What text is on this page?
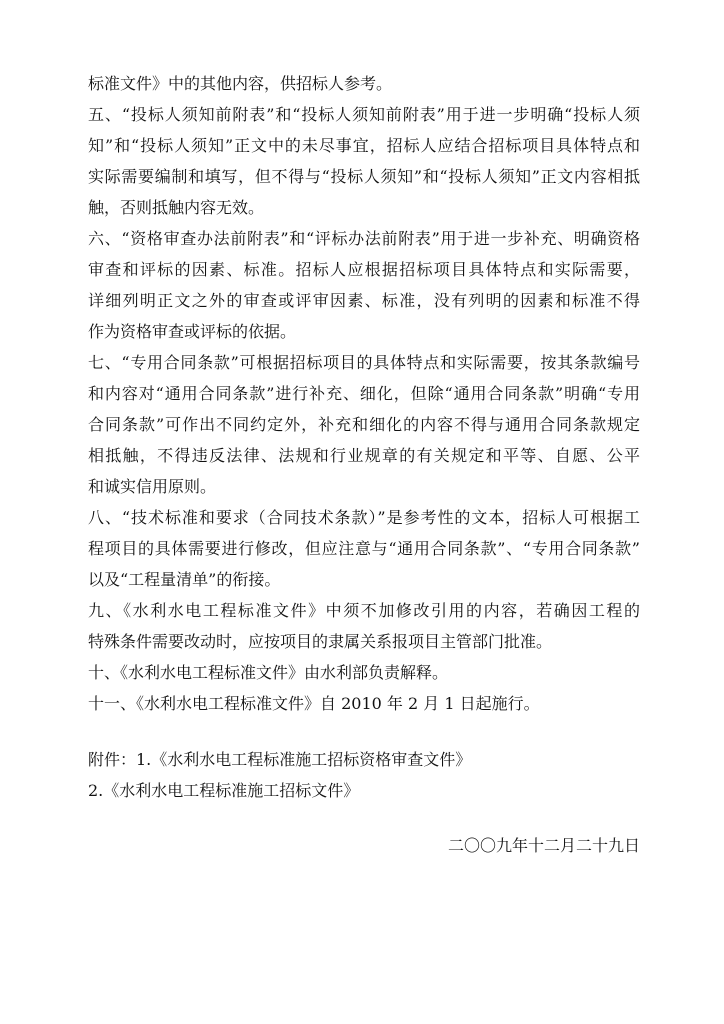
标准文件》中的其他内容，供招标人参考。
五、“投标人须知前附表”和“投标人须知前附表”用于进一步明确“投标人须
知”和“投标人须知”正文中的未尽事宜，招标人应结合招标项目具体特点和
实际需要编制和填写，但不得与“投标人须知”和“投标人须知”正文内容相抵
触，否则抵触内容无效。
六、“资格审查办法前附表”和“评标办法前附表”用于进一步补充、明确资格
审查和评标的因素、标准。招标人应根据招标项目具体特点和实际需要，
详细列明正文之外的审查或评审因素、标准，没有列明的因素和标准不得
作为资格审查或评标的依据。
七、“专用合同条款”可根据招标项目的具体特点和实际需要，按其条款编号
和内容对“通用合同条款”进行补充、细化，但除“通用合同条款”明确“专用
合同条款”可作出不同约定外，补充和细化的内容不得与通用合同条款规定
相抵触，不得违反法律、法规和行业规章的有关规定和平等、自愿、公平
和诚实信用原则。
八、“技术标准和要求（合同技术条款）”是参考性的文本，招标人可根据工
程项目的具体需要进行修改，但应注意与“通用合同条款”、“专用合同条款”
以及“工程量清单”的衔接。
九、《水利水电工程标准文件》中须不加修改引用的内容，若确因工程的
特殊条件需要改动时，应按项目的隶属关系报项目主管部门批准。
十、《水利水电工程标准文件》由水利部负责解释。
十一、《水利水电工程标准文件》自 2010 年 2 月 1 日起施行。
附件：1.《水利水电工程标准施工招标资格审查文件》
2.《水利水电工程标准施工招标文件》
二〇〇九年十二月二十九日
